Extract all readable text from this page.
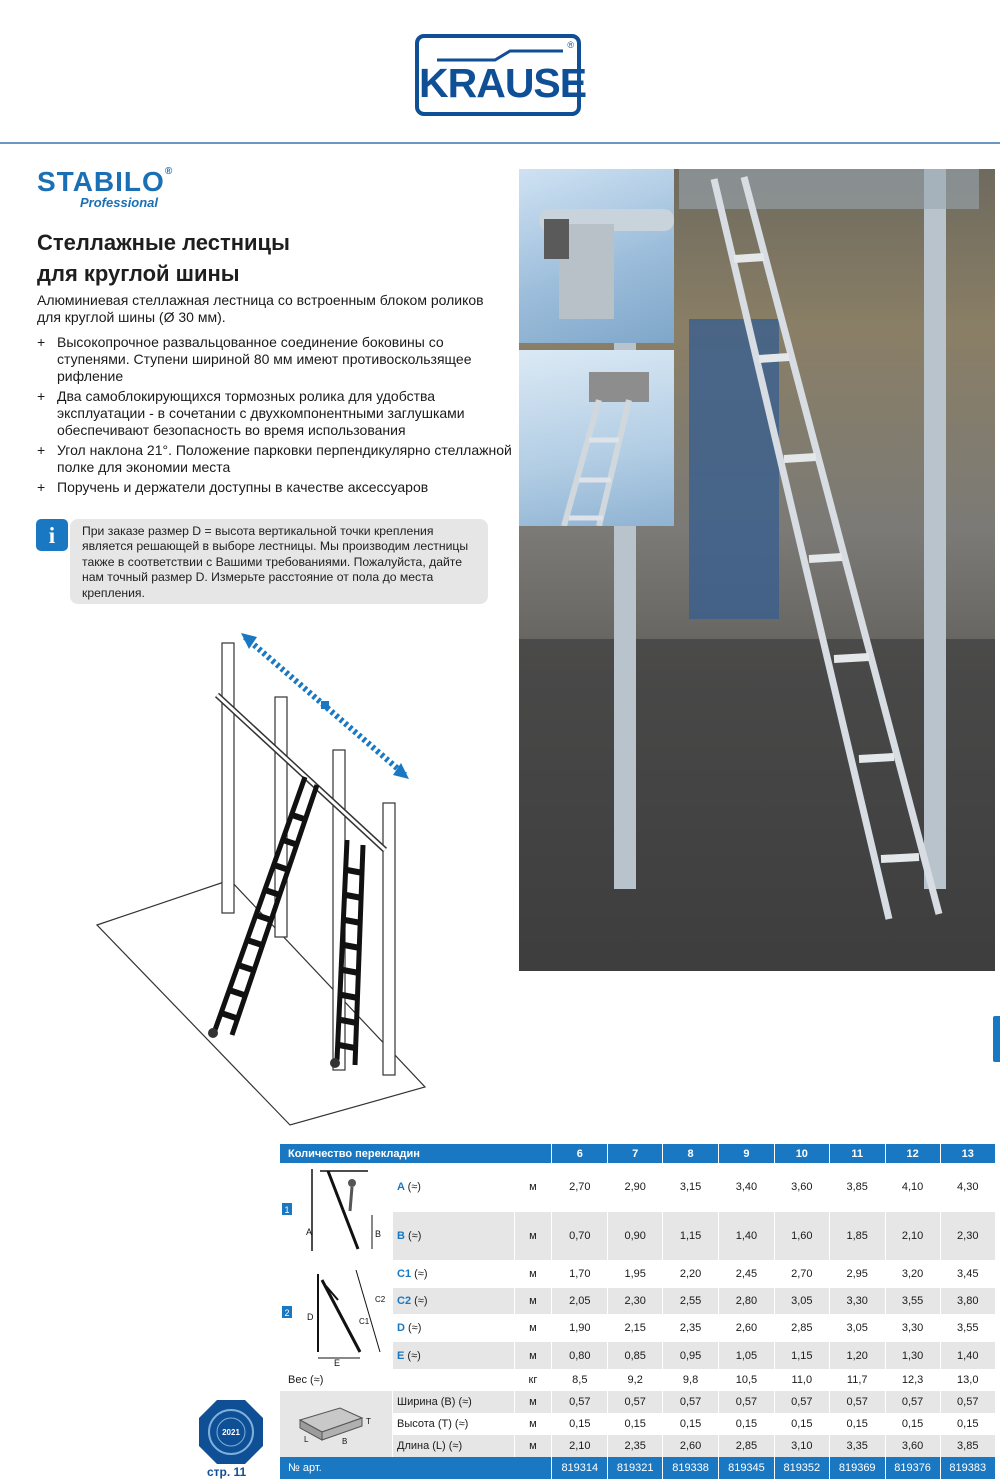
KRAUSE
®
STABILO®
Professional
Стеллажные лестницы
для круглой шины
Алюминиевая стеллажная лестница со встроенным блоком роликов для круглой шины (Ø 30 мм).
+ Высокопрочное развальцованное соединение боковины со ступенями. Ступени шириной 80 мм имеют противоскользящее рифление
+ Два самоблокирующихся тормозных ролика для удобства эксплуатации - в сочетании с двухкомпонентными заглушками обеспечивают безопасность во время использования
+ Угол наклона 21°. Положение парковки перпендикулярно стеллажной полке для экономии места
+ Поручень и держатели доступны в качестве аксессуаров
i	При заказе размер D = высота вертикальной точки крепления является решающей в выборе лестницы. Мы производим лестницы также в соответствии с Вашими требованиями. Пожалуйста, дайте нам точный размер D. Измерьте расстояние от пола до места крепления.
Количество перекладин			6	7	8	9	10	11	12	13

1
A B	A (≈)	м	2,70	2,90	3,15	3,40	3,60	3,85	4,10	4,30
	B (≈)	м	0,70	0,90	1,15	1,40	1,60	1,85	2,10	2,30

2 D C1
C2
E	C1 (≈)	м	1,70	1,95	2,20	2,45	2,70	2,95	3,20	3,45
	C2 (≈)	м	2,05	2,30	2,55	2,80	3,05	3,30	3,55	3,80
	D (≈)	м	1,90	2,15	2,35	2,60	2,85	3,05	3,30	3,55
	E (≈)	м	0,80	0,85	0,95	1,05	1,15	1,20	1,30	1,40
Вес (≈)		кг	8,5	9,2	9,8	10,5	11,0	11,7	12,3	13,0

T
L B	Ширина (B) (≈)	м	0,57	0,57	0,57	0,57	0,57	0,57	0,57	0,57
	Высота (T) (≈)	м	0,15	0,15	0,15	0,15	0,15	0,15	0,15	0,15
	Длина (L) (≈)	м	2,10	2,35	2,60	2,85	3,10	3,35	3,60	3,85
№ арт.			819314	819321	819338	819345	819352	819369	819376	819383
2021
стр. 11
